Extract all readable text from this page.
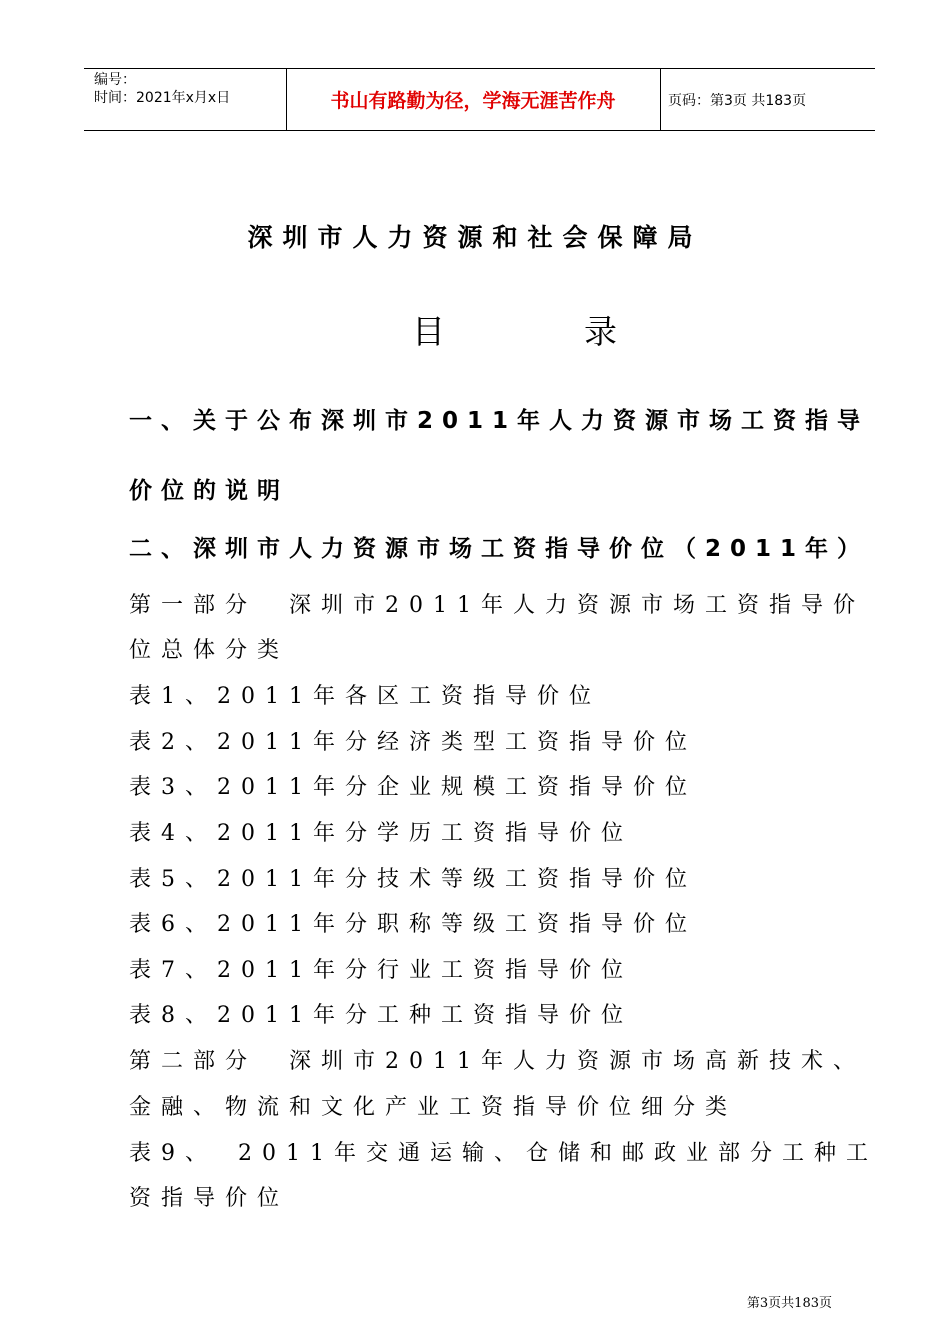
编号：
时间：2021年x月x日	书山有路勤为径，学海无涯苦作舟	页码：第3页 共183页
深圳市人力资源和社会保障局
目	录
一、关于公布深圳市2011年人力资源市场工资指导
价位的说明
二、深圳市人力资源市场工资指导价位（2011年）
第一部分　深圳市2011年人力资源市场工资指导价
位总体分类
表1、2011年各区工资指导价位
表2、2011年分经济类型工资指导价位
表3、2011年分企业规模工资指导价位
表4、2011年分学历工资指导价位
表5、2011年分技术等级工资指导价位
表6、2011年分职称等级工资指导价位
表7、2011年分行业工资指导价位
表8、2011年分工种工资指导价位
第二部分　深圳市2011年人力资源市场高新技术、
金融、物流和文化产业工资指导价位细分类
表9、　2011年交通运输、仓储和邮政业部分工种工
资指导价位
第3页共183页
